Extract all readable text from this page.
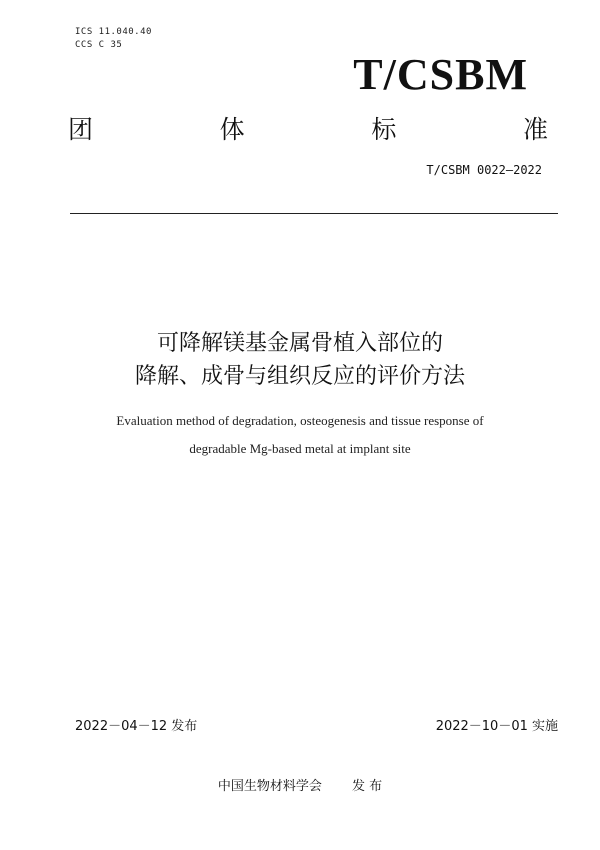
ICS 11.040.40
CCS C 35
T/CSBM
团	体	标	准
T/CSBM 0022—2022
可降解镁基金属骨植入部位的
降解、成骨与组织反应的评价方法
Evaluation method of degradation, osteogenesis and tissue response of
degradable Mg-based metal at implant site
2022－04－12 发布	2022－10－01 实施
中国生物材料学会 发 布
